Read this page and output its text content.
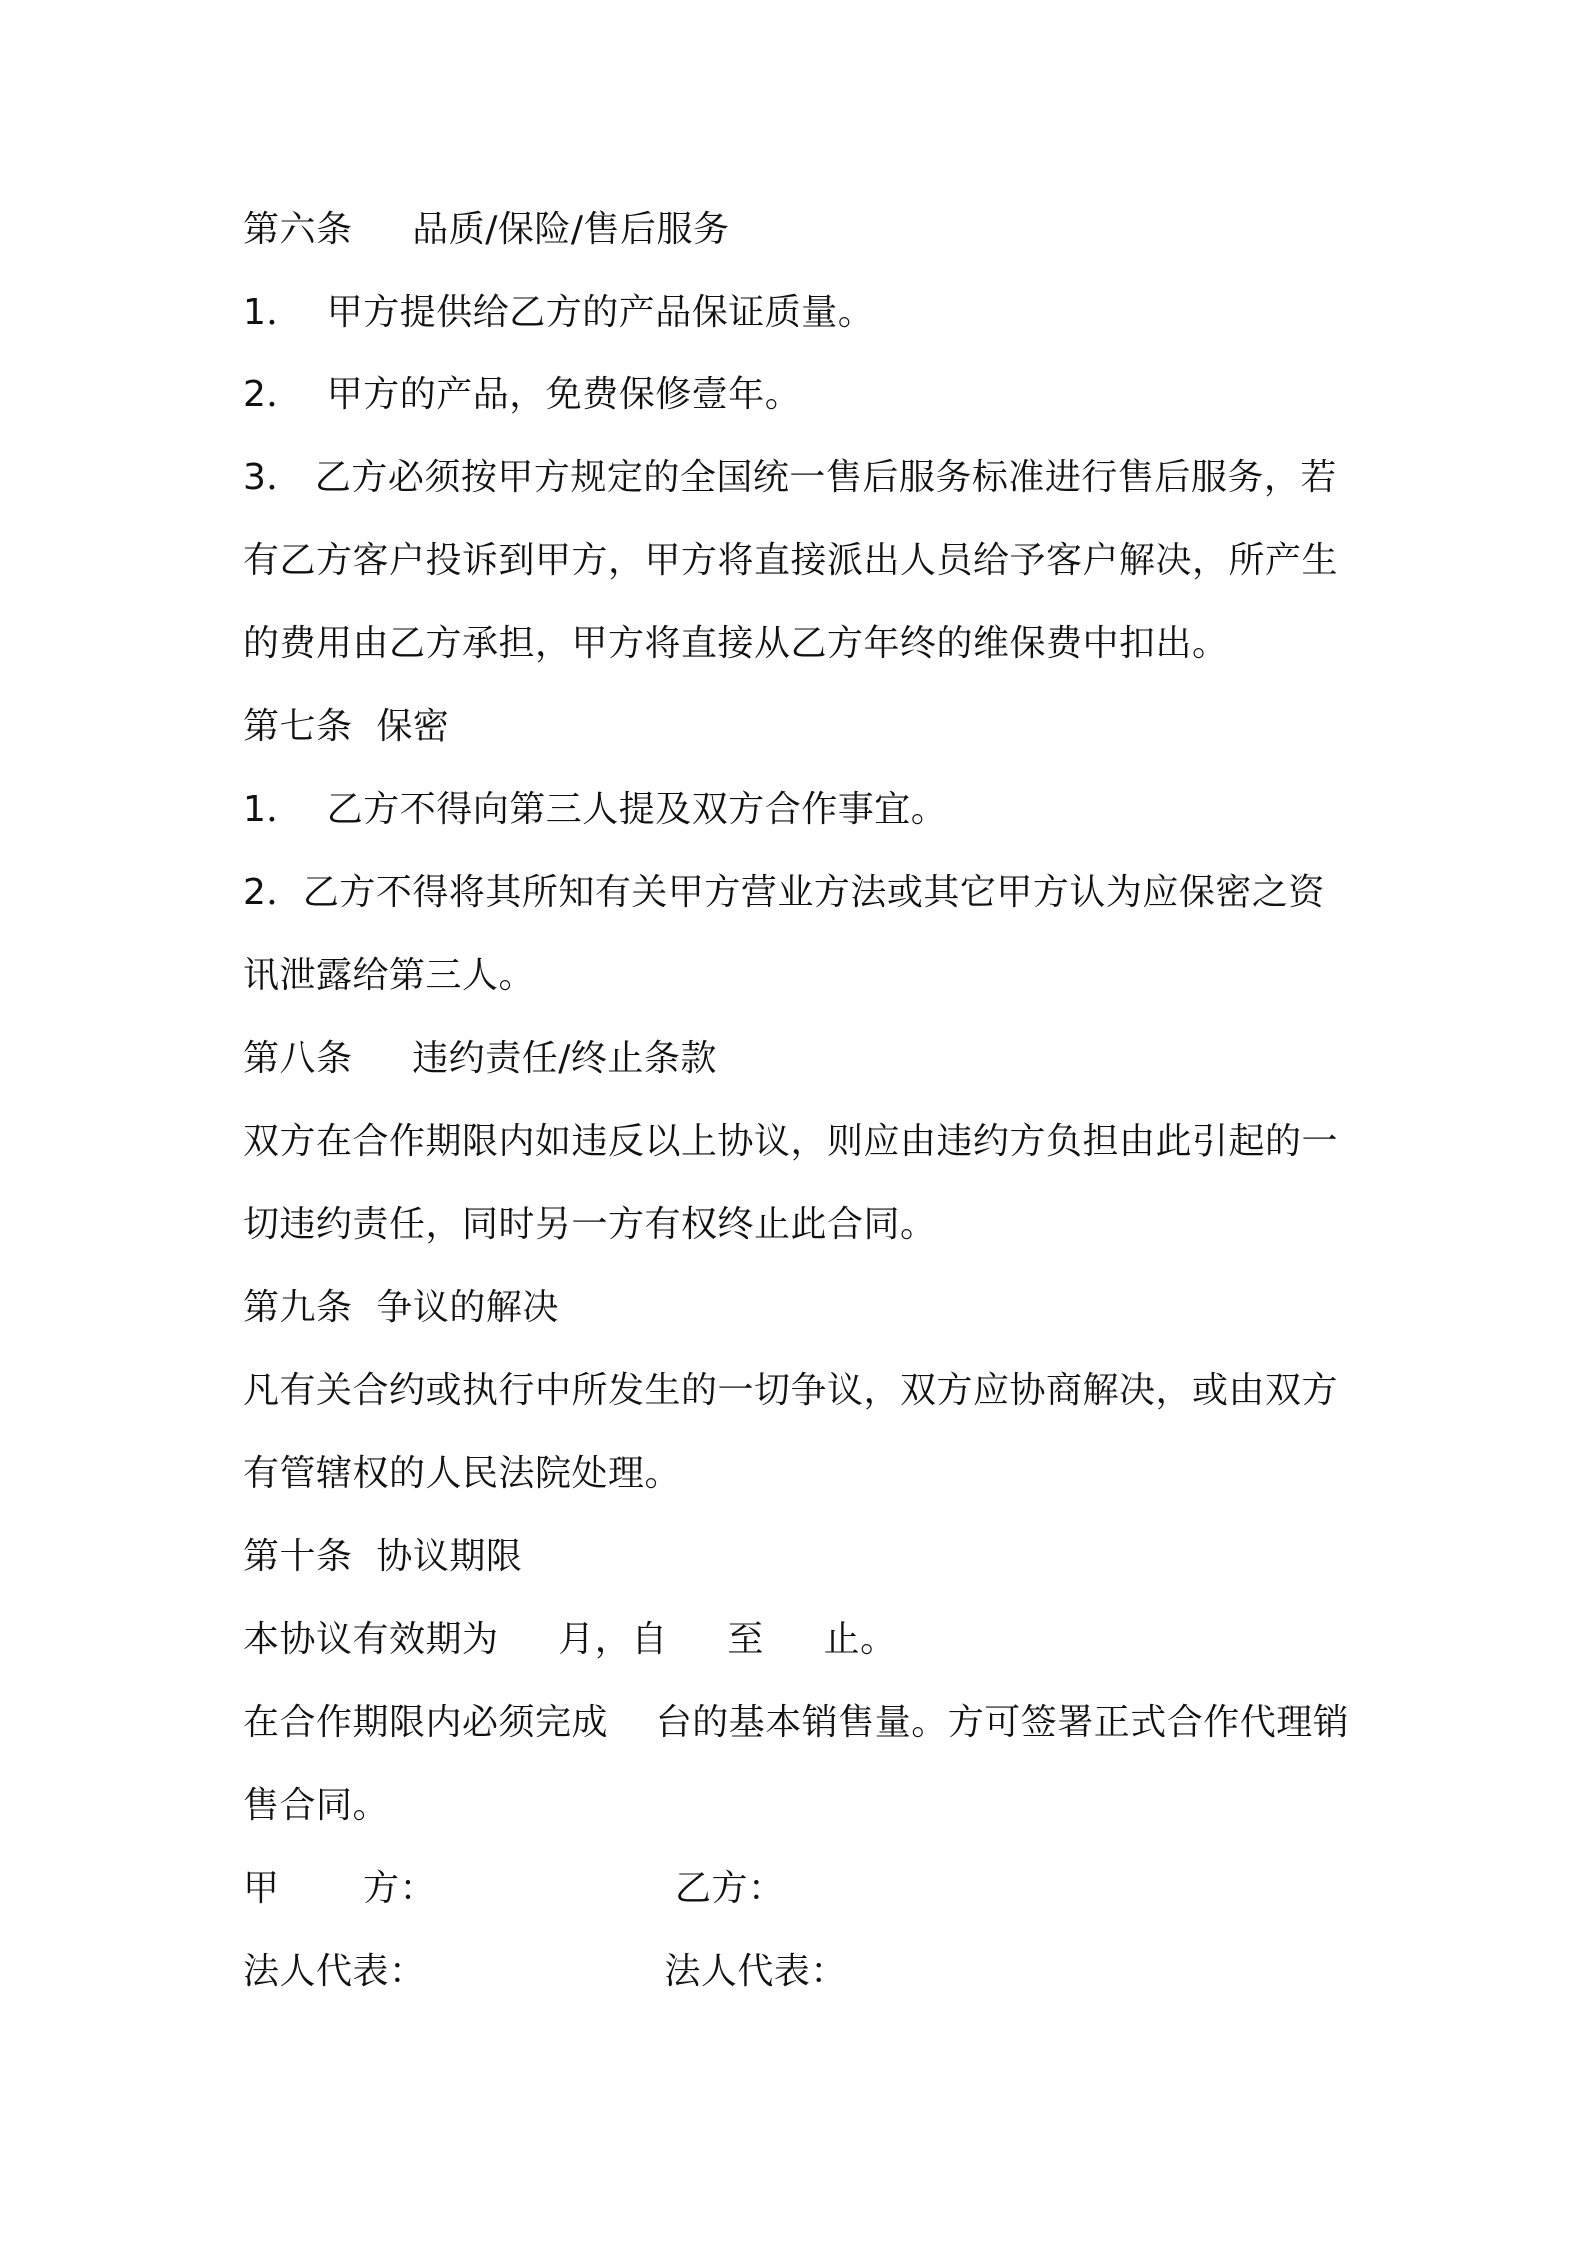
第六条     品质/保险/售后服务
1．  甲方提供给乙方的产品保证质量。
2．  甲方的产品，免费保修壹年。
3． 乙方必须按甲方规定的全国统一售后服务标准进行售后服务，若
有乙方客户投诉到甲方，甲方将直接派出人员给予客户解决，所产生
的费用由乙方承担，甲方将直接从乙方年终的维保费中扣出。
第七条  保密
1．  乙方不得向第三人提及双方合作事宜。
2．乙方不得将其所知有关甲方营业方法或其它甲方认为应保密之资
讯泄露给第三人。
第八条     违约责任/终止条款
双方在合作期限内如违反以上协议，则应由违约方负担由此引起的一
切违约责任，同时另一方有权终止此合同。
第九条  争议的解决
凡有关合约或执行中所发生的一切争议，双方应协商解决，或由双方
有管辖权的人民法院处理。
第十条  协议期限
本协议有效期为     月，自     至     止。
在合作期限内必须完成    台的基本销售量。方可签署正式合作代理销
售合同。
甲       方：                    乙方：
法人代表：                    法人代表：
